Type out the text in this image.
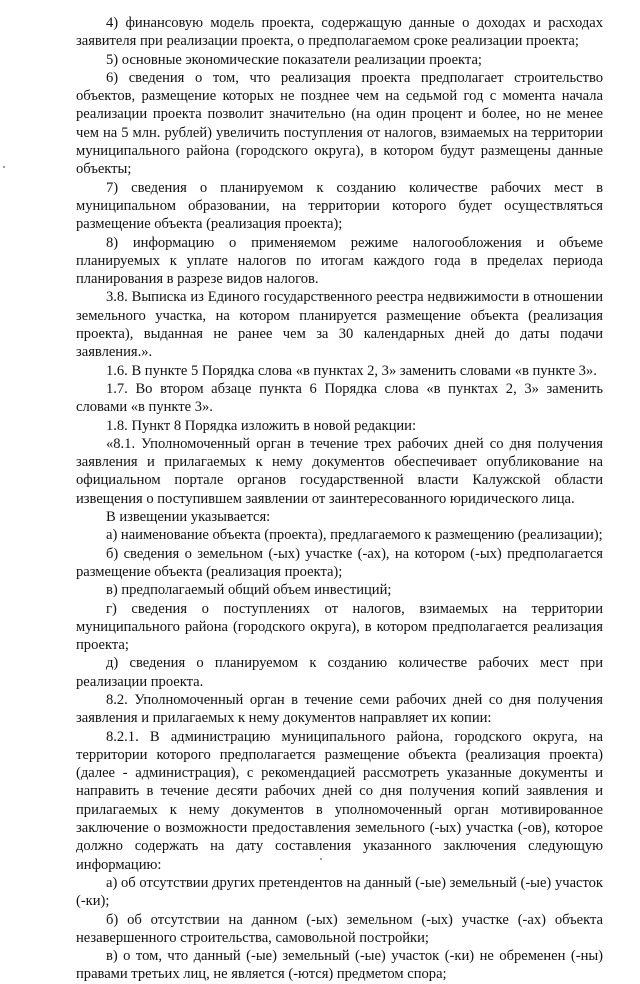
4) финансовую модель проекта, содержащую данные о доходах и расходах заявителя при реализации проекта, о предполагаемом сроке реализации проекта;

5) основные экономические показатели реализации проекта;

6) сведения о том, что реализация проекта предполагает строительство объектов, размещение которых не позднее чем на седьмой год с момента начала реализации проекта позволит значительно (на один процент и более, но не менее чем на 5 млн. рублей) увеличить поступления от налогов, взимаемых на территории муниципального района (городского округа), в котором будут размещены данные объекты;

7) сведения о планируемом к созданию количестве рабочих мест в муниципальном образовании, на территории которого будет осуществляться размещение объекта (реализация проекта);

8) информацию о применяемом режиме налогообложения и объеме планируемых к уплате налогов по итогам каждого года в пределах периода планирования в разрезе видов налогов.

3.8. Выписка из Единого государственного реестра недвижимости в отношении земельного участка, на котором планируется размещение объекта (реализация проекта), выданная не ранее чем за 30 календарных дней до даты подачи заявления.».

1.6. В пункте 5 Порядка слова «в пунктах 2, 3» заменить словами «в пункте 3».

1.7. Во втором абзаце пункта 6 Порядка слова «в пунктах 2, 3» заменить словами «в пункте 3».

1.8. Пункт 8 Порядка изложить в новой редакции:

«8.1. Уполномоченный орган в течение трех рабочих дней со дня получения заявления и прилагаемых к нему документов обеспечивает опубликование на официальном портале органов государственной власти Калужской области извещения о поступившем заявлении от заинтересованного юридического лица.

В извещении указывается:

а) наименование объекта (проекта), предлагаемого к размещению (реализации);

б) сведения о земельном (-ых) участке (-ах), на котором (-ых) предполагается размещение объекта (реализация проекта);

в) предполагаемый общий объем инвестиций;

г) сведения о поступлениях от налогов, взимаемых на территории муниципального района (городского округа), в котором предполагается реализация проекта;

д) сведения о планируемом к созданию количестве рабочих мест при реализации проекта.

8.2. Уполномоченный орган в течение семи рабочих дней со дня получения заявления и прилагаемых к нему документов направляет их копии:

8.2.1. В администрацию муниципального района, городского округа, на территории которого предполагается размещение объекта (реализация проекта) (далее - администрация), с рекомендацией рассмотреть указанные документы и направить в течение десяти рабочих дней со дня получения копий заявления и прилагаемых к нему документов в уполномоченный орган мотивированное заключение о возможности предоставления земельного (-ых) участка (-ов), которое должно содержать на дату составления указанного заключения следующую информацию:

а) об отсутствии других претендентов на данный (-ые) земельный (-ые) участок (-ки);

б) об отсутствии на данном (-ых) земельном (-ых) участке (-ах) объекта незавершенного строительства, самовольной постройки;

в) о том, что данный (-ые) земельный (-ые) участок (-ки) не обременен (-ны) правами третьих лиц, не является (-ются) предметом спора;
